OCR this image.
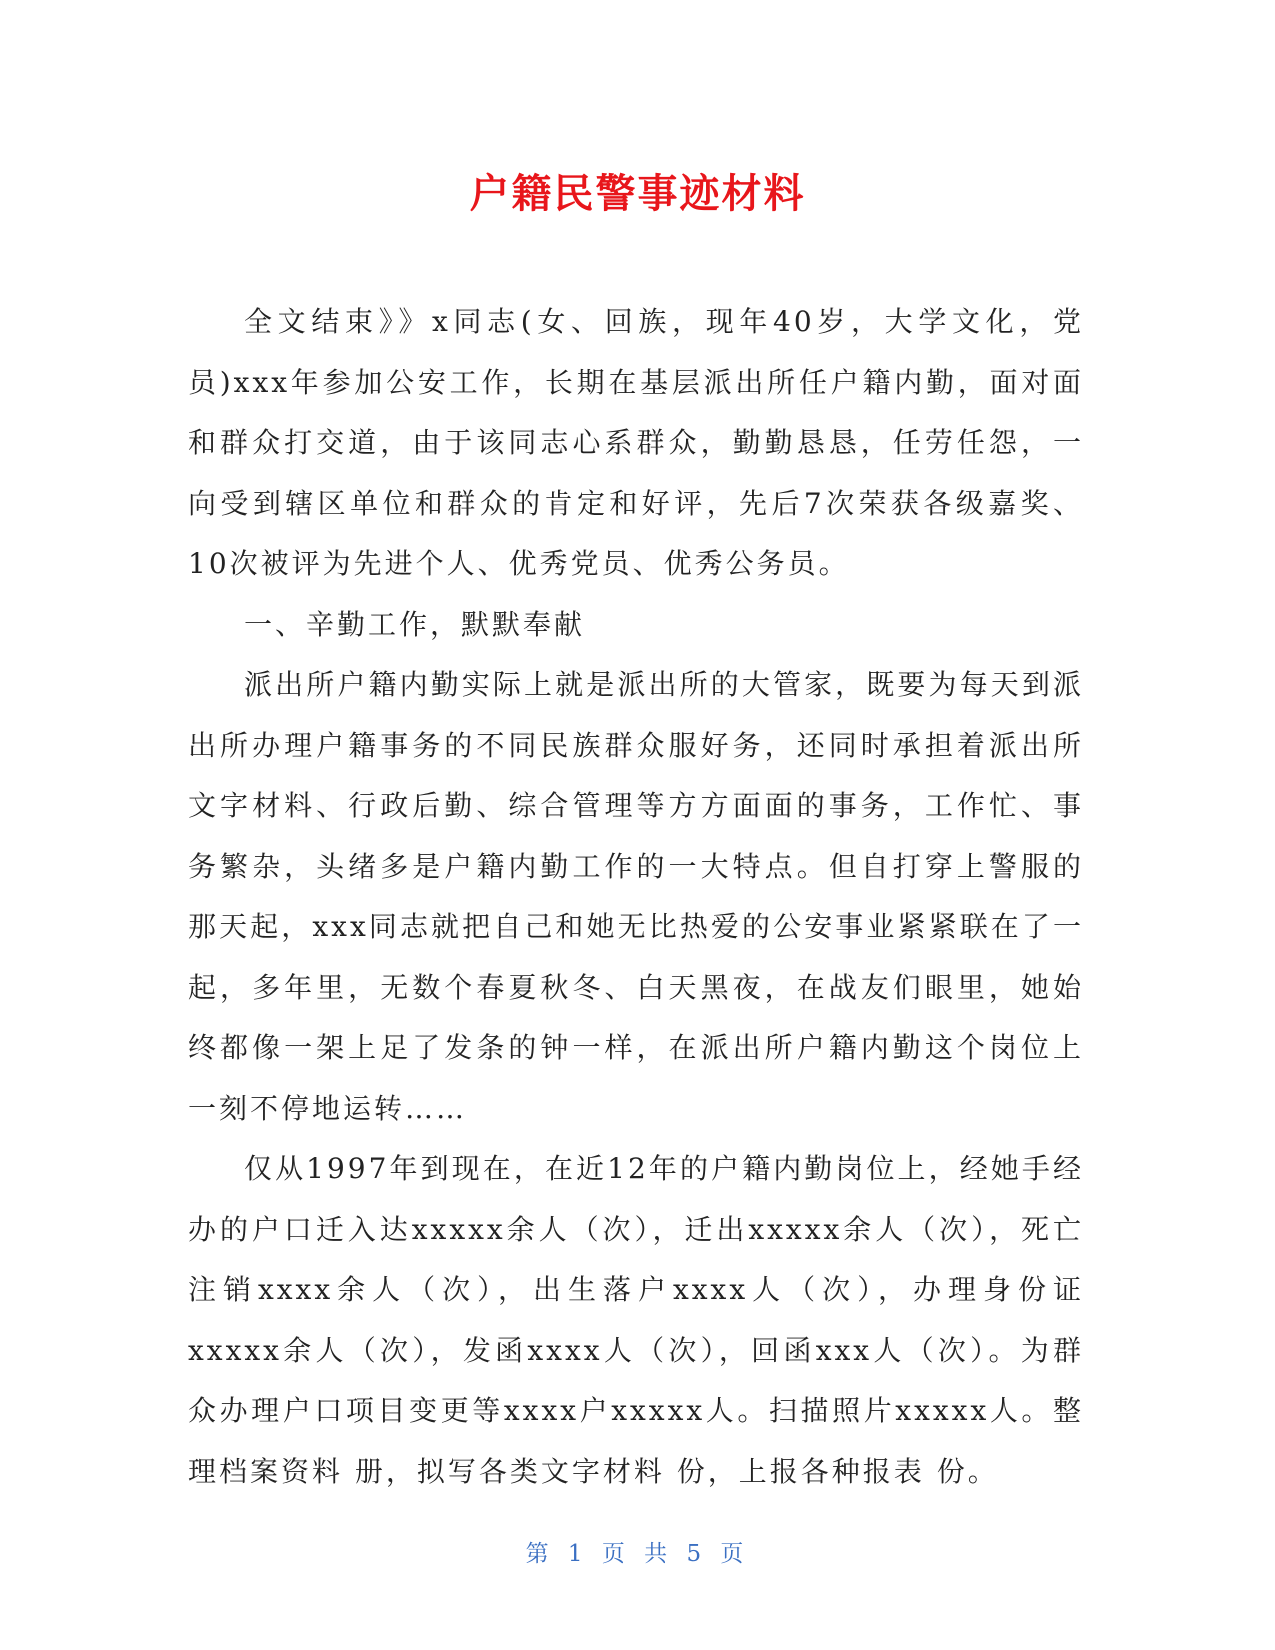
户籍民警事迹材料

全文结束》》x同志(女、回族，现年40岁，大学文化，党员)xxx年参加公安工作，长期在基层派出所任户籍内勤，面对面和群众打交道，由于该同志心系群众，勤勤恳恳，任劳任怨，一向受到辖区单位和群众的肯定和好评，先后7次荣获各级嘉奖、10次被评为先进个人、优秀党员、优秀公务员。

一、辛勤工作，默默奉献

派出所户籍内勤实际上就是派出所的大管家，既要为每天到派出所办理户籍事务的不同民族群众服好务，还同时承担着派出所文字材料、行政后勤、综合管理等方方面面的事务，工作忙、事务繁杂，头绪多是户籍内勤工作的一大特点。但自打穿上警服的那天起，xxx同志就把自己和她无比热爱的公安事业紧紧联在了一起，多年里，无数个春夏秋冬、白天黑夜，在战友们眼里，她始终都像一架上足了发条的钟一样，在派出所户籍内勤这个岗位上一刻不停地运转……

仅从1997年到现在，在近12年的户籍内勤岗位上，经她手经办的户口迁入达xxxxx余人（次），迁出xxxxx余人（次），死亡注销xxxx余人（次），出生落户xxxx人（次），办理身份证xxxxx余人（次），发函xxxx人（次），回函xxx人（次）。为群众办理户口项目变更等xxxx户xxxxx人。扫描照片xxxxx人。整理档案资料 册，拟写各类文字材料 份，上报各种报表 份。

第 1 页 共 5 页
